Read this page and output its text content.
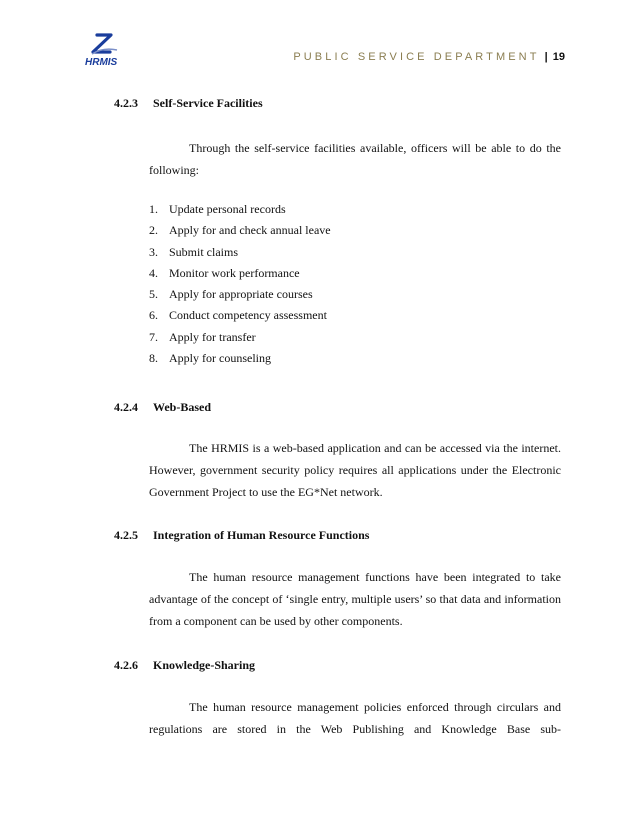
HRMIS	PUBLIC SERVICE DEPARTMENT | 19
4.2.3 Self-Service Facilities

Through the self-service facilities available, officers will be able to do the following:

1. Update personal records
2. Apply for and check annual leave
3. Submit claims
4. Monitor work performance
5. Apply for appropriate courses
6. Conduct competency assessment
7. Apply for transfer
8. Apply for counseling
4.2.4 Web-Based

The HRMIS is a web-based application and can be accessed via the internet. However, government security policy requires all applications under the Electronic Government Project to use the EG*Net network.

4.2.5 Integration of Human Resource Functions

The human resource management functions have been integrated to take advantage of the concept of ‘single entry, multiple users’ so that data and information from a component can be used by other components.

4.2.6 Knowledge-Sharing

The human resource management policies enforced through circulars and regulations are stored in the Web Publishing and Knowledge Base sub-
